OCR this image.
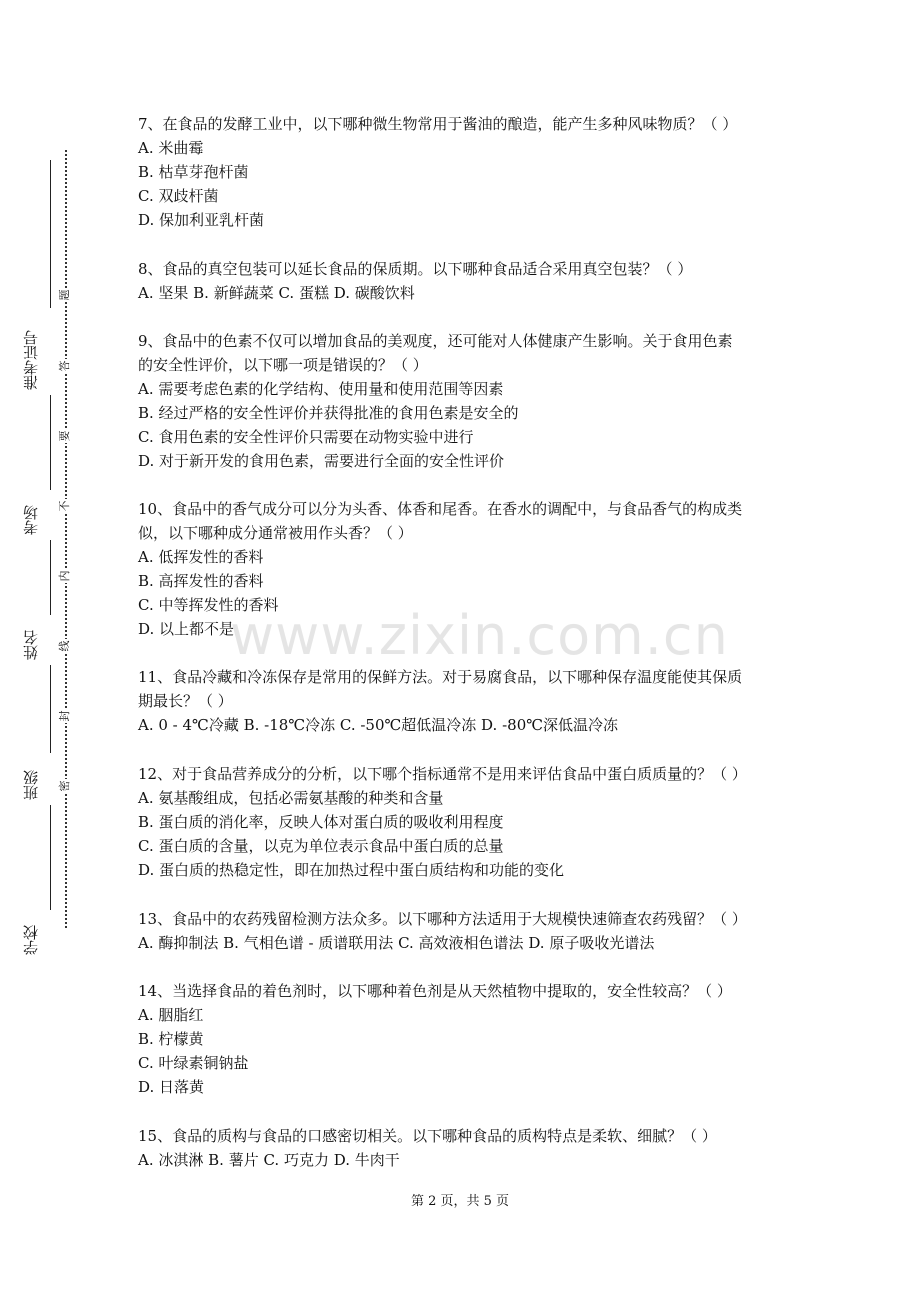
准考证号
考场
姓名
班级
学校
题
答
要
不
内
线
封
密
www.zixin.com.cn
7、在食品的发酵工业中，以下哪种微生物常用于酱油的酿造，能产生多种风味物质？（ ）
A. 米曲霉
B. 枯草芽孢杆菌
C. 双歧杆菌
D. 保加利亚乳杆菌
8、食品的真空包装可以延长食品的保质期。以下哪种食品适合采用真空包装？（ ）
A. 坚果 B. 新鲜蔬菜 C. 蛋糕 D. 碳酸饮料
9、食品中的色素不仅可以增加食品的美观度，还可能对人体健康产生影响。关于食用色素
的安全性评价，以下哪一项是错误的？（ ）
A. 需要考虑色素的化学结构、使用量和使用范围等因素
B. 经过严格的安全性评价并获得批准的食用色素是安全的
C. 食用色素的安全性评价只需要在动物实验中进行
D. 对于新开发的食用色素，需要进行全面的安全性评价
10、食品中的香气成分可以分为头香、体香和尾香。在香水的调配中，与食品香气的构成类
似，以下哪种成分通常被用作头香？（ ）
A. 低挥发性的香料
B. 高挥发性的香料
C. 中等挥发性的香料
D. 以上都不是
11、食品冷藏和冷冻保存是常用的保鲜方法。对于易腐食品，以下哪种保存温度能使其保质
期最长？（ ）
A. 0 - 4℃冷藏 B. -18℃冷冻 C. -50℃超低温冷冻 D. -80℃深低温冷冻
12、对于食品营养成分的分析，以下哪个指标通常不是用来评估食品中蛋白质质量的？（ ）
A. 氨基酸组成，包括必需氨基酸的种类和含量
B. 蛋白质的消化率，反映人体对蛋白质的吸收利用程度
C. 蛋白质的含量，以克为单位表示食品中蛋白质的总量
D. 蛋白质的热稳定性，即在加热过程中蛋白质结构和功能的变化
13、食品中的农药残留检测方法众多。以下哪种方法适用于大规模快速筛查农药残留？（ ）
A. 酶抑制法 B. 气相色谱 - 质谱联用法 C. 高效液相色谱法 D. 原子吸收光谱法
14、当选择食品的着色剂时，以下哪种着色剂是从天然植物中提取的，安全性较高？（ ）
A. 胭脂红
B. 柠檬黄
C. 叶绿素铜钠盐
D. 日落黄
15、食品的质构与食品的口感密切相关。以下哪种食品的质构特点是柔软、细腻？（ ）
A. 冰淇淋 B. 薯片 C. 巧克力 D. 牛肉干
第 2 页，共 5 页
